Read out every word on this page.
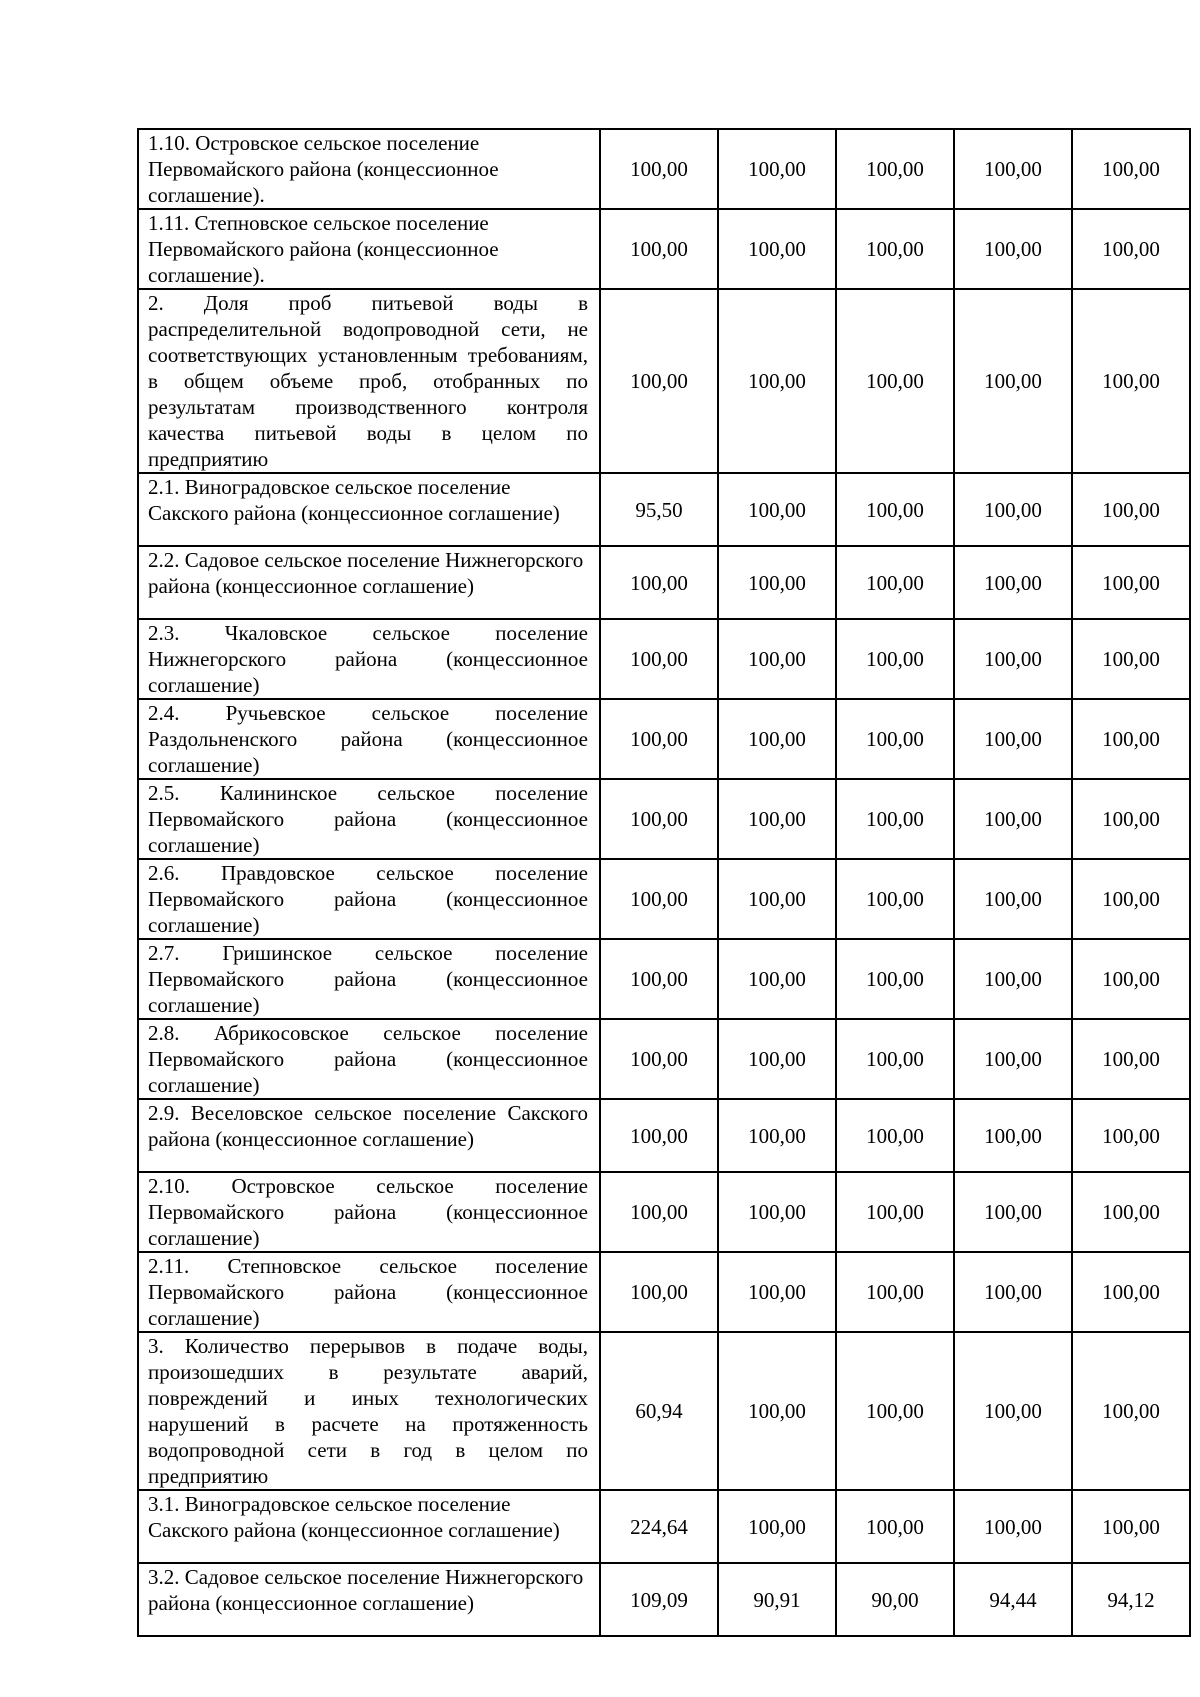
1.10. Островское сельское поселение Первомайского района (концессионное соглашение).	100,00	100,00	100,00	100,00	100,00

1.11. Степновское сельское поселение Первомайского района (концессионное соглашение).	100,00	100,00	100,00	100,00	100,00

2. Доля проб питьевой воды в распределительной водопроводной сети, не соответствующих установленным требованиям, в общем объеме проб, отобранных по результатам производственного контроля качества питьевой воды в целом по предприятию	100,00	100,00	100,00	100,00	100,00

2.1. Виноградовское сельское поселение Сакского района (концессионное соглашение)	95,50	100,00	100,00	100,00	100,00

2.2. Садовое сельское поселение Нижнегорского района (концессионное соглашение)	100,00	100,00	100,00	100,00	100,00

2.3. Чкаловское сельское поселение Нижнегорского района (концессионное соглашение)	100,00	100,00	100,00	100,00	100,00

2.4. Ручьевское сельское поселение Раздольненского района (концессионное соглашение)	100,00	100,00	100,00	100,00	100,00

2.5. Калининское сельское поселение Первомайского района (концессионное соглашение)	100,00	100,00	100,00	100,00	100,00

2.6. Правдовское сельское поселение Первомайского района (концессионное соглашение)	100,00	100,00	100,00	100,00	100,00

2.7. Гришинское сельское поселение Первомайского района (концессионное соглашение)	100,00	100,00	100,00	100,00	100,00

2.8. Абрикосовское сельское поселение Первомайского района (концессионное соглашение)	100,00	100,00	100,00	100,00	100,00

2.9. Веселовское сельское поселение Сакского района (концессионное соглашение)	100,00	100,00	100,00	100,00	100,00

2.10. Островское сельское поселение Первомайского района (концессионное соглашение)	100,00	100,00	100,00	100,00	100,00

2.11. Степновское сельское поселение Первомайского района (концессионное соглашение)	100,00	100,00	100,00	100,00	100,00

3. Количество перерывов в подаче воды, произошедших в результате аварий, повреждений и иных технологических нарушений в расчете на протяженность водопроводной сети в год в целом по предприятию	60,94	100,00	100,00	100,00	100,00

3.1. Виноградовское сельское поселение Сакского района (концессионное соглашение)	224,64	100,00	100,00	100,00	100,00

3.2. Садовое сельское поселение Нижнегорского района (концессионное соглашение)	109,09	90,91	90,00	94,44	94,12
